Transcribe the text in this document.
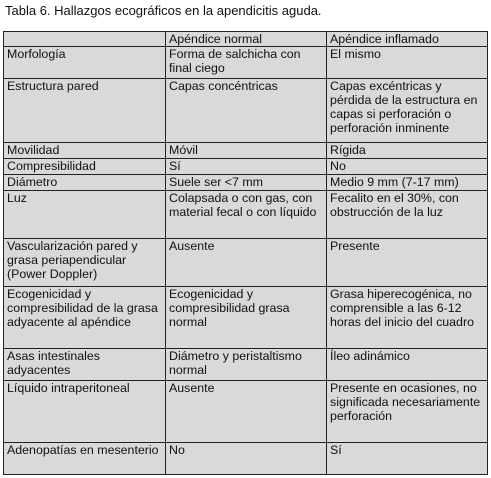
Tabla 6. Hallazgos ecográficos en la apendicitis aguda.

	Apéndice normal	Apéndice inflamado

Morfología	Forma de salchicha con final ciego	El mismo

Estructura pared	Capas concéntricas	Capas excéntricas y pérdida de la estructura en capas si perforación o perforación inminente

Movilidad	Móvil	Rígida

Compresibilidad	Sí	No

Diámetro	Suele ser <7 mm	Medio 9 mm (7-17 mm)

Luz	Colapsada o con gas, con material fecal o con líquido	Fecalito en el 30%, con obstrucción de la luz

Vascularización pared y grasa periapendicular (Power Doppler)	Ausente	Presente

Ecogenicidad y compresibilidad de la grasa adyacente al apéndice	Ecogenicidad y compresibilidad grasa normal	Grasa hiperecogénica, no comprensible a las 6-12 horas del inicio del cuadro

Asas intestinales adyacentes	Diámetro y peristaltismo normal	Íleo adinámico

Líquido intraperitoneal	Ausente	Presente en ocasiones, no significada necesariamente perforación

Adenopatías en mesenterio	No	Sí
